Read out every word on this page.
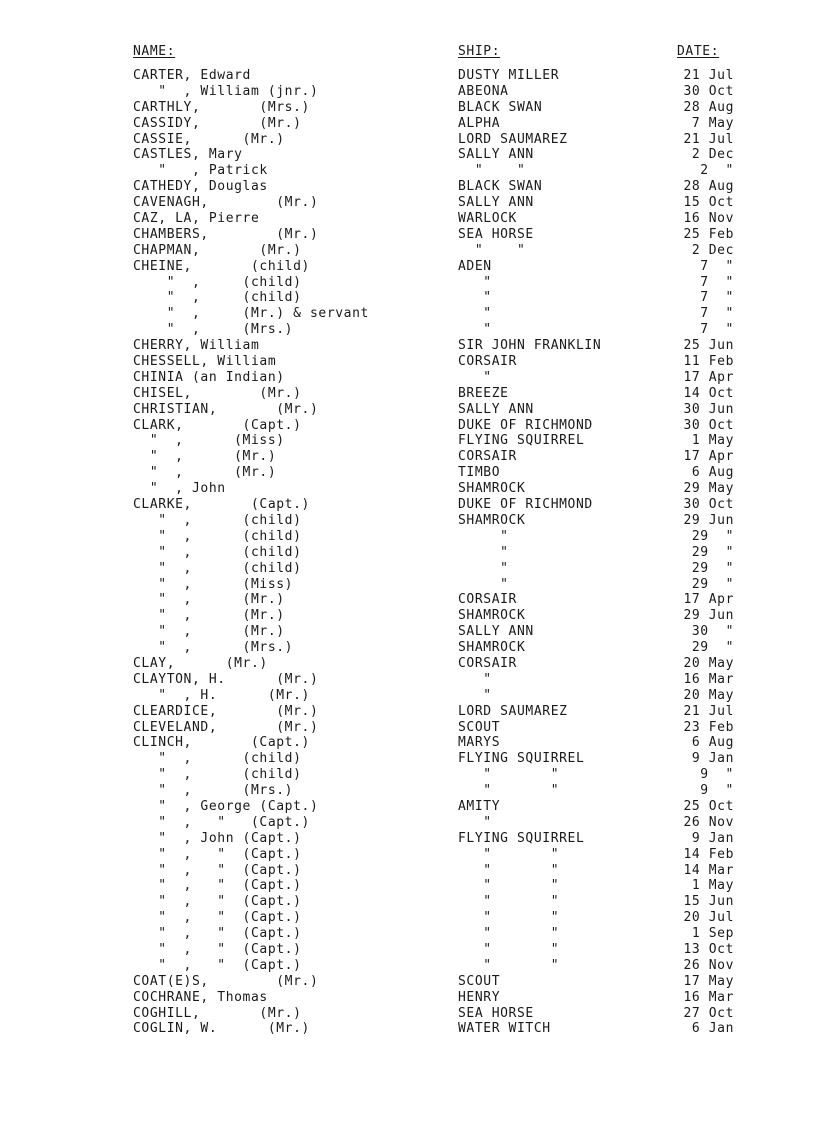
NAME:	SHIP:	DATE:
CARTER, Edward	DUSTY MILLER	21 Jul
"  , William (jnr.)	ABEONA	30 Oct
CARTHLY,       (Mrs.)	BLACK SWAN	28 Aug
CASSIDY,       (Mr.)	ALPHA	7 May
CASSIE,      (Mr.)	LORD SAUMAREZ	21 Jul
CASTLES, Mary	SALLY ANN	2 Dec
"   , Patrick	"    "	2  "
CATHEDY, Douglas	BLACK SWAN	28 Aug
CAVENAGH,        (Mr.)	SALLY ANN	15 Oct
CAZ, LA, Pierre	WARLOCK	16 Nov
CHAMBERS,        (Mr.)	SEA HORSE	25 Feb
CHAPMAN,       (Mr.)	"    "	2 Dec
CHEINE,       (child)	ADEN	7  "
"  ,     (child)	"	7  "
"  ,     (child)	"	7  "
"  ,     (Mr.) & servant	"	7  "
"  ,     (Mrs.)	"	7  "
CHERRY, William	SIR JOHN FRANKLIN	25 Jun
CHESSELL, William	CORSAIR	11 Feb
CHINIA (an Indian)	"	17 Apr
CHISEL,        (Mr.)	BREEZE	14 Oct
CHRISTIAN,       (Mr.)	SALLY ANN	30 Jun
CLARK,       (Capt.)	DUKE OF RICHMOND	30 Oct
"  ,      (Miss)	FLYING SQUIRREL	1 May
"  ,      (Mr.)	CORSAIR	17 Apr
"  ,      (Mr.)	TIMBO	6 Aug
"  , John	SHAMROCK	29 May
CLARKE,       (Capt.)	DUKE OF RICHMOND	30 Oct
"  ,      (child)	SHAMROCK	29 Jun
"  ,      (child)	"	29  "
"  ,      (child)	"	29  "
"  ,      (child)	"	29  "
"  ,      (Miss)	"	29  "
"  ,      (Mr.)	CORSAIR	17 Apr
"  ,      (Mr.)	SHAMROCK	29 Jun
"  ,      (Mr.)	SALLY ANN	30  "
"  ,      (Mrs.)	SHAMROCK	29  "
CLAY,      (Mr.)	CORSAIR	20 May
CLAYTON, H.      (Mr.)	"	16 Mar
"  , H.      (Mr.)	"	20 May
CLEARDICE,       (Mr.)	LORD SAUMAREZ	21 Jul
CLEVELAND,       (Mr.)	SCOUT	23 Feb
CLINCH,       (Capt.)	MARYS	6 Aug
"  ,      (child)	FLYING SQUIRREL	9 Jan
"  ,      (child)	"       "	9  "
"  ,      (Mrs.)	"       "	9  "
"  , George (Capt.)	AMITY	25 Oct
"  ,   "   (Capt.)	"	26 Nov
"  , John (Capt.)	FLYING SQUIRREL	9 Jan
"  ,   "  (Capt.)	"       "	14 Feb
"  ,   "  (Capt.)	"       "	14 Mar
"  ,   "  (Capt.)	"       "	1 May
"  ,   "  (Capt.)	"       "	15 Jun
"  ,   "  (Capt.)	"       "	20 Jul
"  ,   "  (Capt.)	"       "	1 Sep
"  ,   "  (Capt.)	"       "	13 Oct
"  ,   "  (Capt.)	"       "	26 Nov
COAT(E)S,        (Mr.)	SCOUT	17 May
COCHRANE, Thomas	HENRY	16 Mar
COGHILL,       (Mr.)	SEA HORSE	27 Oct
COGLIN, W.      (Mr.)	WATER WITCH	6 Jan
